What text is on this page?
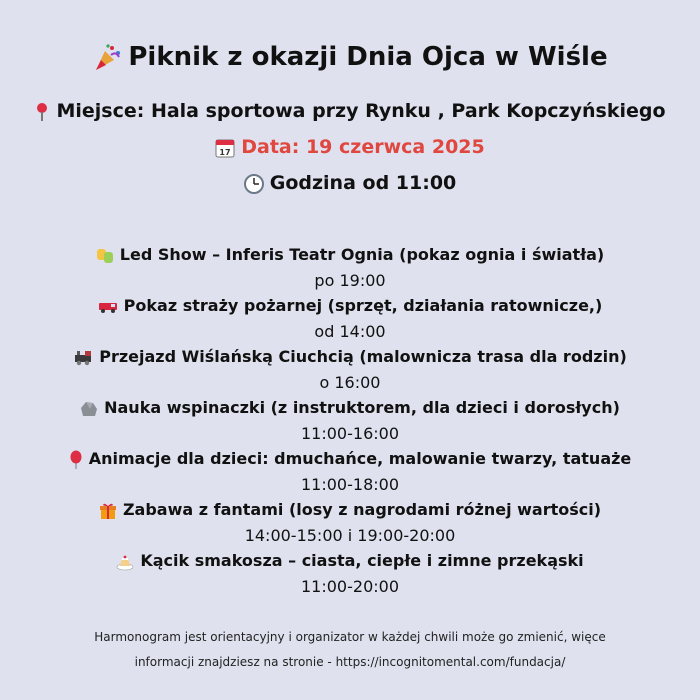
Piknik z okazji Dnia Ojca w Wiśle
Miejsce: Hala sportowa przy Rynku , Park Kopczyńskiego
17 Data: 19 czerwca 2025
Godzina od 11:00
Led Show – Inferis Teatr Ognia (pokaz ognia i światła)
po 19:00
Pokaz straży pożarnej (sprzęt, działania ratownicze,)
od 14:00
Przejazd Wiślańską Ciuchcią (malownicza trasa dla rodzin)
o 16:00
Nauka wspinaczki (z instruktorem, dla dzieci i dorosłych)
11:00-16:00
Animacje dla dzieci: dmuchańce, malowanie twarzy, tatuaże
11:00-18:00
Zabawa z fantami (losy z nagrodami różnej wartości)
14:00-15:00 i 19:00-20:00
Kącik smakosza – ciasta, ciepłe i zimne przekąski
11:00-20:00
Harmonogram jest orientacyjny i organizator w każdej chwili może go zmienić, więce
informacji znajdziesz na stronie - https://incognitomental.com/fundacja/
